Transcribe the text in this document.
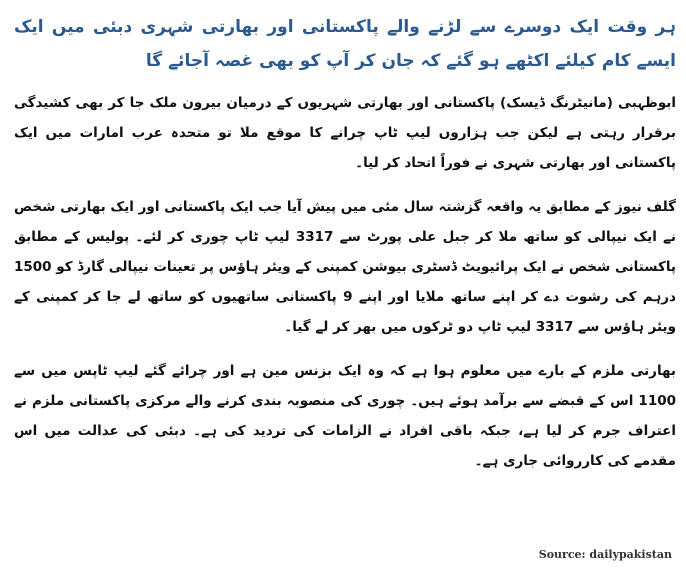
ہر وقت ایک دوسرے سے لڑنے والے پاکستانی اور بھارتی شہری دبئی میں ایک ایسے کام کیلئے اکٹھے ہو گئے کہ جان کر آپ کو بھی غصہ آجائے گا
ابوظہبی (مانیٹرنگ ڈیسک) پاکستانی اور بھارتی شہریوں کے درمیان بیرون ملک جا کر بھی کشیدگی برقرار رہتی ہے لیکن جب ہزاروں لیپ ٹاپ چرانے کا موقع ملا تو متحدہ عرب امارات میں ایک پاکستانی اور بھارتی شہری نے فوراً اتحاد کر لیا۔
گلف نیوز کے مطابق یہ واقعہ گزشتہ سال مئی میں پیش آیا جب ایک پاکستانی اور ایک بھارتی شخص نے ایک نیپالی کو ساتھ ملا کر جبل علی پورٹ سے 3317 لیپ ٹاپ چوری کر لئے۔ پولیس کے مطابق پاکستانی شخص نے ایک پرائیویٹ ڈسٹری بیوشن کمپنی کے ویئر ہاؤس پر تعینات نیپالی گارڈ کو 1500 درہم کی رشوت دے کر اپنے ساتھ ملایا اور اپنے 9 پاکستانی ساتھیوں کو ساتھ لے جا کر کمپنی کے ویئر ہاؤس سے 3317 لیپ ٹاپ دو ٹرکوں میں بھر کر لے گیا۔
بھارتی ملزم کے بارے میں معلوم ہوا ہے کہ وہ ایک بزنس مین ہے اور چرائے گئے لیپ ٹاپس میں سے 1100 اس کے قبضے سے برآمد ہوئے ہیں۔ چوری کی منصوبہ بندی کرنے والے مرکزی پاکستانی ملزم نے اعتراف جرم کر لیا ہے، جبکہ باقی افراد نے الزامات کی تردید کی ہے۔ دبئی کی عدالت میں اس مقدمے کی کارروائی جاری ہے۔
Source: dailypakistan
